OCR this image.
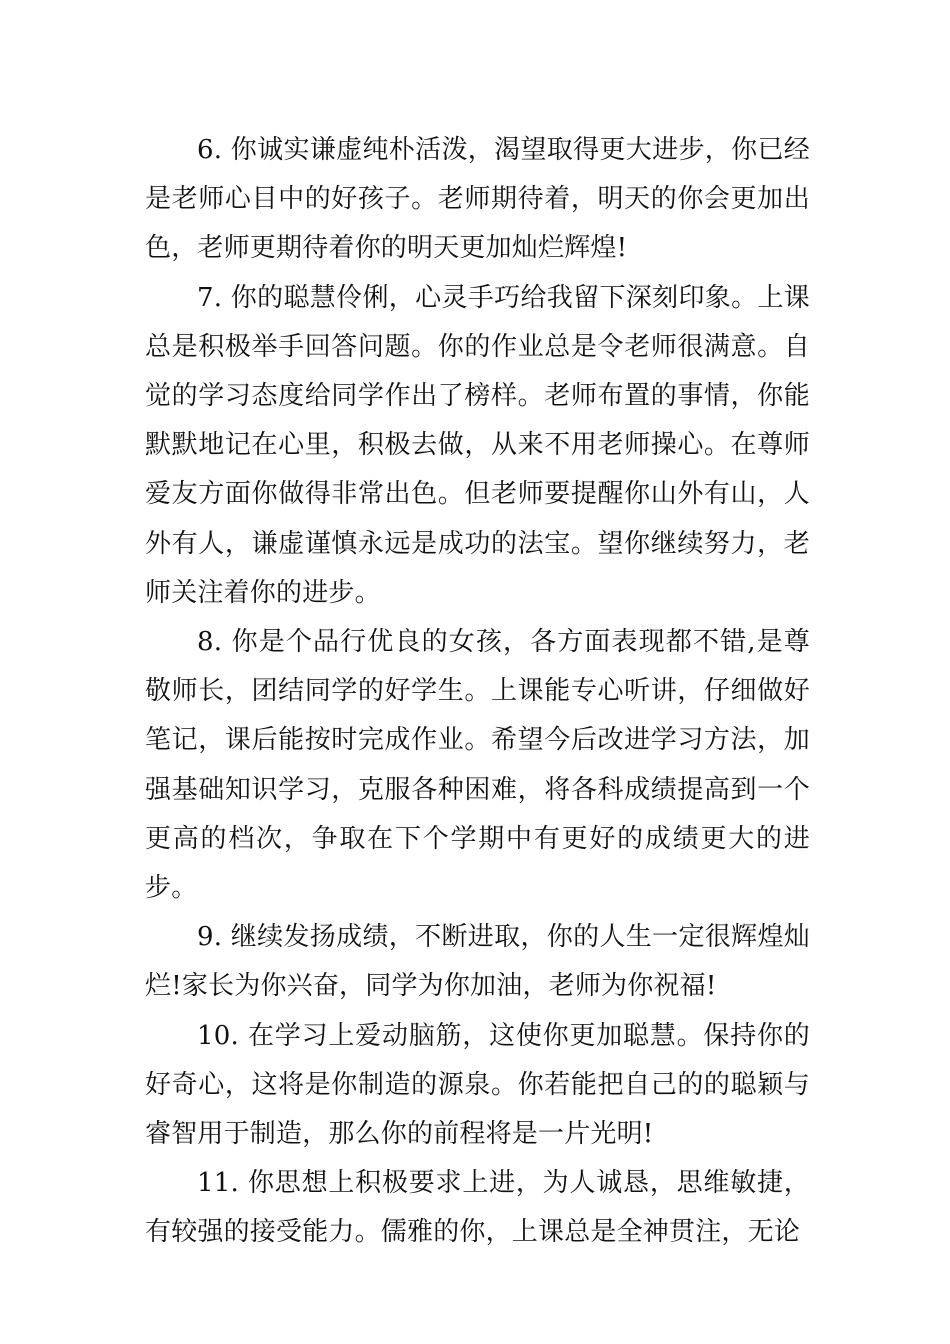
6. 你诚实谦虚纯朴活泼，渴望取得更大进步，你已经是老师心目中的好孩子。老师期待着，明天的你会更加出色，老师更期待着你的明天更加灿烂辉煌!

7. 你的聪慧伶俐，心灵手巧给我留下深刻印象。上课总是积极举手回答问题。你的作业总是令老师很满意。自觉的学习态度给同学作出了榜样。老师布置的事情，你能默默地记在心里，积极去做，从来不用老师操心。在尊师爱友方面你做得非常出色。但老师要提醒你山外有山，人外有人，谦虚谨慎永远是成功的法宝。望你继续努力，老师关注着你的进步。

8. 你是个品行优良的女孩，各方面表现都不错,是尊敬师长，团结同学的好学生。上课能专心听讲，仔细做好笔记，课后能按时完成作业。希望今后改进学习方法，加强基础知识学习，克服各种困难，将各科成绩提高到一个更高的档次，争取在下个学期中有更好的成绩更大的进步。

9. 继续发扬成绩，不断进取，你的人生一定很辉煌灿烂!家长为你兴奋，同学为你加油，老师为你祝福!

10. 在学习上爱动脑筋，这使你更加聪慧。保持你的好奇心，这将是你制造的源泉。你若能把自己的的聪颖与睿智用于制造，那么你的前程将是一片光明!

11. 你思想上积极要求上进，为人诚恳，思维敏捷，有较强的接受能力。儒雅的你，上课总是全神贯注，无论
